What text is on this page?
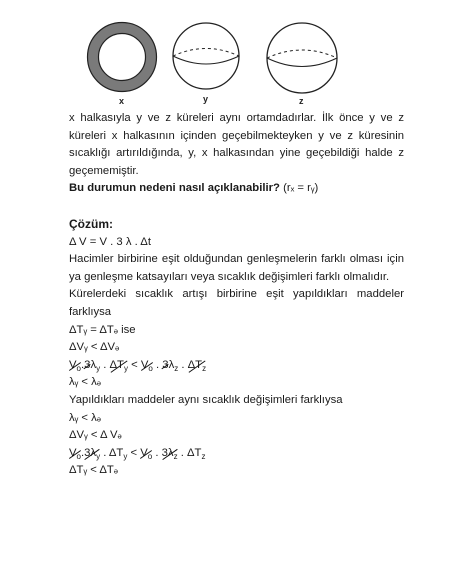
x	y	z

x halkasıyla y ve z küreleri aynı ortamdadırlar. İlk önce y ve z küreleri x halkasının içinden geçebilmekteyken y ve z küresinin sıcaklığı artırıldığında, y, x halkasından yine geçebildiği halde z geçememiştir.

Bu durumun nedeni nasıl açıklanabilir? (rₓ = rᵧ)

Çözüm:

Δ V = V . 3 λ . Δt

Hacimler birbirine eşit olduğundan genleşmelerin farklı olması için ya genleşme katsayıları veya sıcaklık değişimleri farklı olmalıdır.

Kürelerdeki sıcaklık artışı birbirine eşit yapıldıkları maddeler farklıysa

ΔTᵧ = ΔTₔ ise

ΔVᵧ < ΔVₔ

$V_o.3\lambda_y$ . $\Delta T_y < V_o$ . $3\lambda_z$ . $\Delta T_z$

λᵧ < λₔ

Yapıldıkları maddeler aynı sıcaklık değişimleri farklıysa

λᵧ < λₔ

ΔVᵧ < Δ Vₔ

$V_o.3\lambda_y$ . $\Delta T_y < V_o$ . $3\lambda_z$ . $\Delta T_z$

ΔTᵧ < ΔTₔ
